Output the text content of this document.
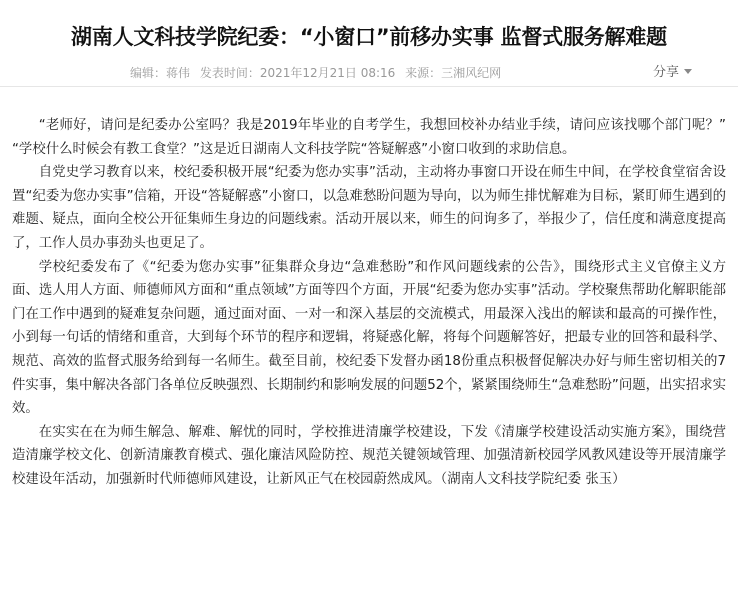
湖南人文科技学院纪委：“小窗口”前移办实事 监督式服务解难题
编辑：蒋伟 发表时间：2021年12月21日 08:16 来源：三湘风纪网	分享

“老师好，请问是纪委办公室吗？我是2019年毕业的自考学生，我想回校补办结业手续，请问应该找哪个部门呢？” “学校什么时候会有教工食堂？”这是近日湖南人文科技学院“答疑解惑”小窗口收到的求助信息。

自党史学习教育以来，校纪委积极开展“纪委为您办实事”活动，主动将办事窗口开设在师生中间，在学校食堂宿舍设置“纪委为您办实事”信箱，开设“答疑解惑”小窗口，以急难愁盼问题为导向，以为师生排忧解难为目标，紧盯师生遇到的难题、疑点，面向全校公开征集师生身边的问题线索。活动开展以来，师生的问询多了，举报少了，信任度和满意度提高了，工作人员办事劲头也更足了。

学校纪委发布了《“纪委为您办实事”征集群众身边“急难愁盼”和作风问题线索的公告》，围绕形式主义官僚主义方面、选人用人方面、师德师风方面和“重点领域”方面等四个方面，开展“纪委为您办实事”活动。学校聚焦帮助化解职能部门在工作中遇到的疑难复杂问题，通过面对面、一对一和深入基层的交流模式，用最深入浅出的解读和最高的可操作性，小到每一句话的情绪和重音，大到每个环节的程序和逻辑，将疑惑化解，将每个问题解答好，把最专业的回答和最科学、规范、高效的监督式服务给到每一名师生。截至目前，校纪委下发督办函18份重点积极督促解决办好与师生密切相关的7件实事，集中解决各部门各单位反映强烈、长期制约和影响发展的问题52个，紧紧围绕师生“急难愁盼”问题，出实招求实效。

在实实在在为师生解急、解难、解忧的同时，学校推进清廉学校建设，下发《清廉学校建设活动实施方案》，围绕营造清廉学校文化、创新清廉教育模式、强化廉洁风险防控、规范关键领域管理、加强清新校园学风教风建设等开展清廉学校建设年活动，加强新时代师德师风建设，让新风正气在校园蔚然成风。（湖南人文科技学院纪委 张玉）
